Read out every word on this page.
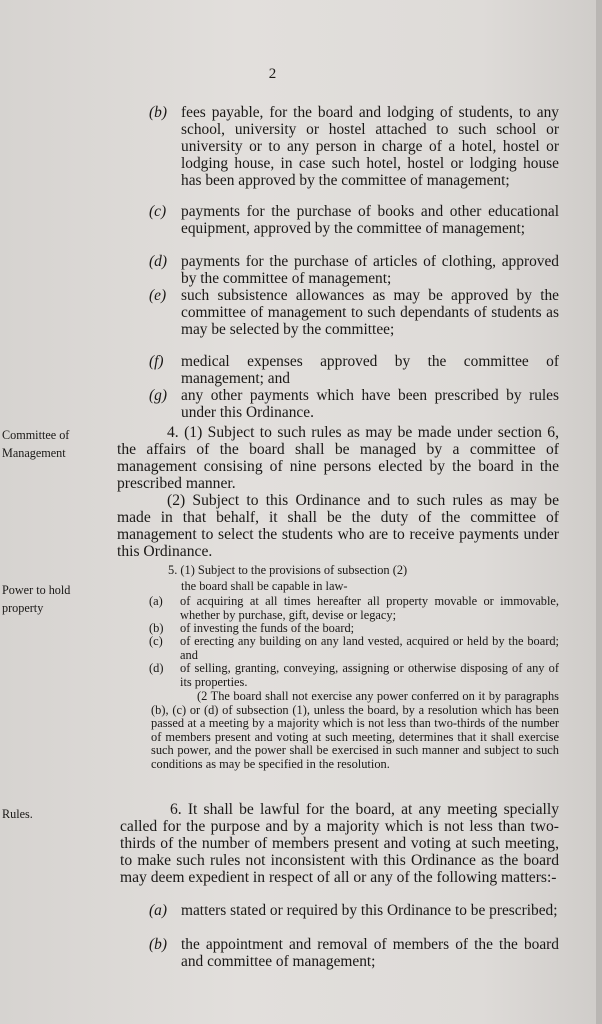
2
(b) fees payable, for the board and lodging of students, to any school, university or hostel attached to such school or university or to any person in charge of a hotel, hostel or lodging house, in case such hotel, hostel or lodging house has been approved by the committee of management;
(c) payments for the purchase of books and other educational equipment, approved by the committee of management;
(d) payments for the purchase of articles of clothing, approved by the committee of management;
(e) such subsistence allowances as may be approved by the committee of management to such dependants of students as may be selected by the committee;
(f)	medical expenses approved by the committee of management; and
(g) any other payments which have been prescribed by rules under this Ordinance.
Committee of
Management
4. (1) Subject to such rules as may be made under section 6, the affairs of the board shall be managed by a committee of management consising of nine persons elected by the board in the prescribed manner.
(2) Subject to this Ordinance and to such rules as may be made in that behalf, it shall be the duty of the committee of management to select the students who are to receive payments under this Ordinance.
Power to hold
property
5. (1) Subject to the provisions of subsection (2)
the board shall be capable in law-
(a)	of acquiring at all times hereafter all property movable or immovable, whether by purchase, gift, devise or legacy;
(b)	of investing the funds of the board;
(c)	of erecting any building on any land vested, acquired or held by the board; and
(d)	of selling, granting, conveying, assigning or otherwise disposing of any of its properties.
(2 The board shall not exercise any power conferred on it by paragraphs (b), (c) or (d) of subsection (1), unless the board, by a resolution which has been passed at a meeting by a majority which is not less than two-thirds of the number of members present and voting at such meeting, determines that it shall exercise such power, and the power shall be exercised in such manner and subject to such conditions as may be specified in the resolution.
Rules.	6. It shall be lawful for the board, at any meeting specially called for the purpose and by a majority which is not less than two-thirds of the number of members present and voting at such meeting, to make such rules not inconsistent with this Ordinance as the board may deem expedient in respect of all or any of the following matters:-
(a) matters stated or required by this Ordinance to be prescribed;
(b) the appointment and removal of members of the the board and committee of management;
